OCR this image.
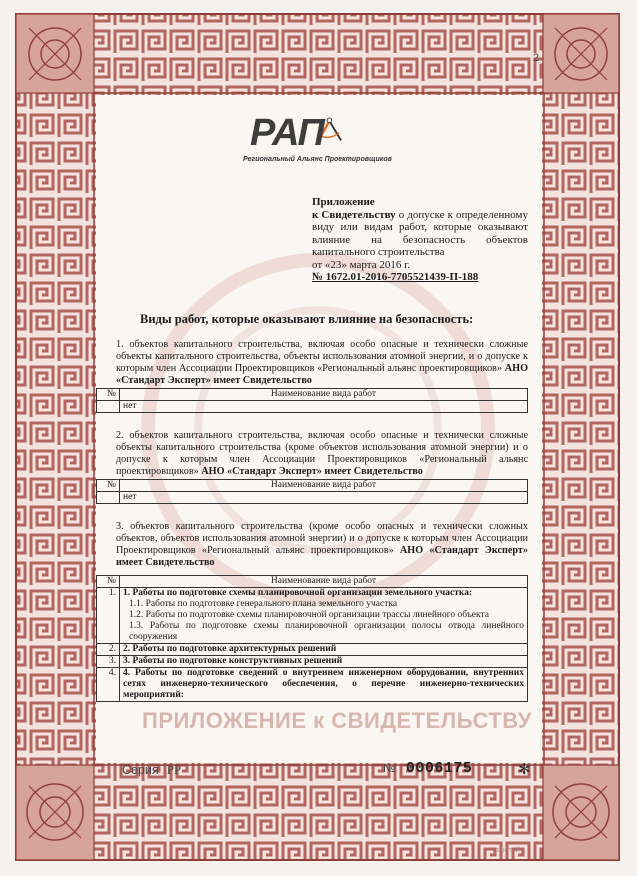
2
РАП
Региональный Альянс Проектировщиков
Приложение
к Свидетельству о допуске к определенному виду или видам работ, которые оказывают влияние на безопасность объектов капитального строительства
от «23» марта 2016 г.
№ 1672.01-2016-7705521439-П-188
Виды работ, которые оказывают влияние на безопасность:
1. объектов капитального строительства, включая особо опасные и технически сложные объекты капитального строительства, объекты использования атомной энергии, и о допуске к которым член Ассоциации Проектировщиков «Региональный альянс проектировщиков» АНО «Стандарт Эксперт» имеет Свидетельство
№	Наименование вида работ
	нет
2. объектов капитального строительства, включая особо опасные и технически сложные объекты капитального строительства (кроме объектов использования атомной энергии) и о допуске к которым член Ассоциации Проектировщиков «Региональный альянс проектировщиков» АНО «Стандарт Эксперт» имеет Свидетельство
№	Наименование вида работ
	нет
3. объектов капитального строительства (кроме особо опасных и технически сложных объектов, объектов использования атомной энергии) и о допуске к которым член Ассоциации Проектировщиков «Региональный альянс проектировщиков» АНО «Стандарт Эксперт» имеет Свидетельство
№	Наименование вида работ
1.	1. Работы по подготовке схемы планировочной организации земельного участка:
1.1. Работы по подготовке генерального плана земельного участка
1.2. Работы по подготовке схемы планировочной организации трассы линейного объекта
1.3. Работы по подготовке схемы планировочной организации полосы отвода линейного сооружения

2.	2. Работы по подготовке архитектурных решений
3.	3. Работы по подготовке конструктивных решений
4.	4. Работы по подготовке сведений о внутреннем инженерном оборудовании, внутренних сетях инженерно-технического обеспечения, о перечне инженерно-технических мероприятий:
ПРИЛОЖЕНИЕ к СВИДЕТЕЛЬСТВУ
Серия РР	№ 0006175	✻
©ДРУГОЙ
